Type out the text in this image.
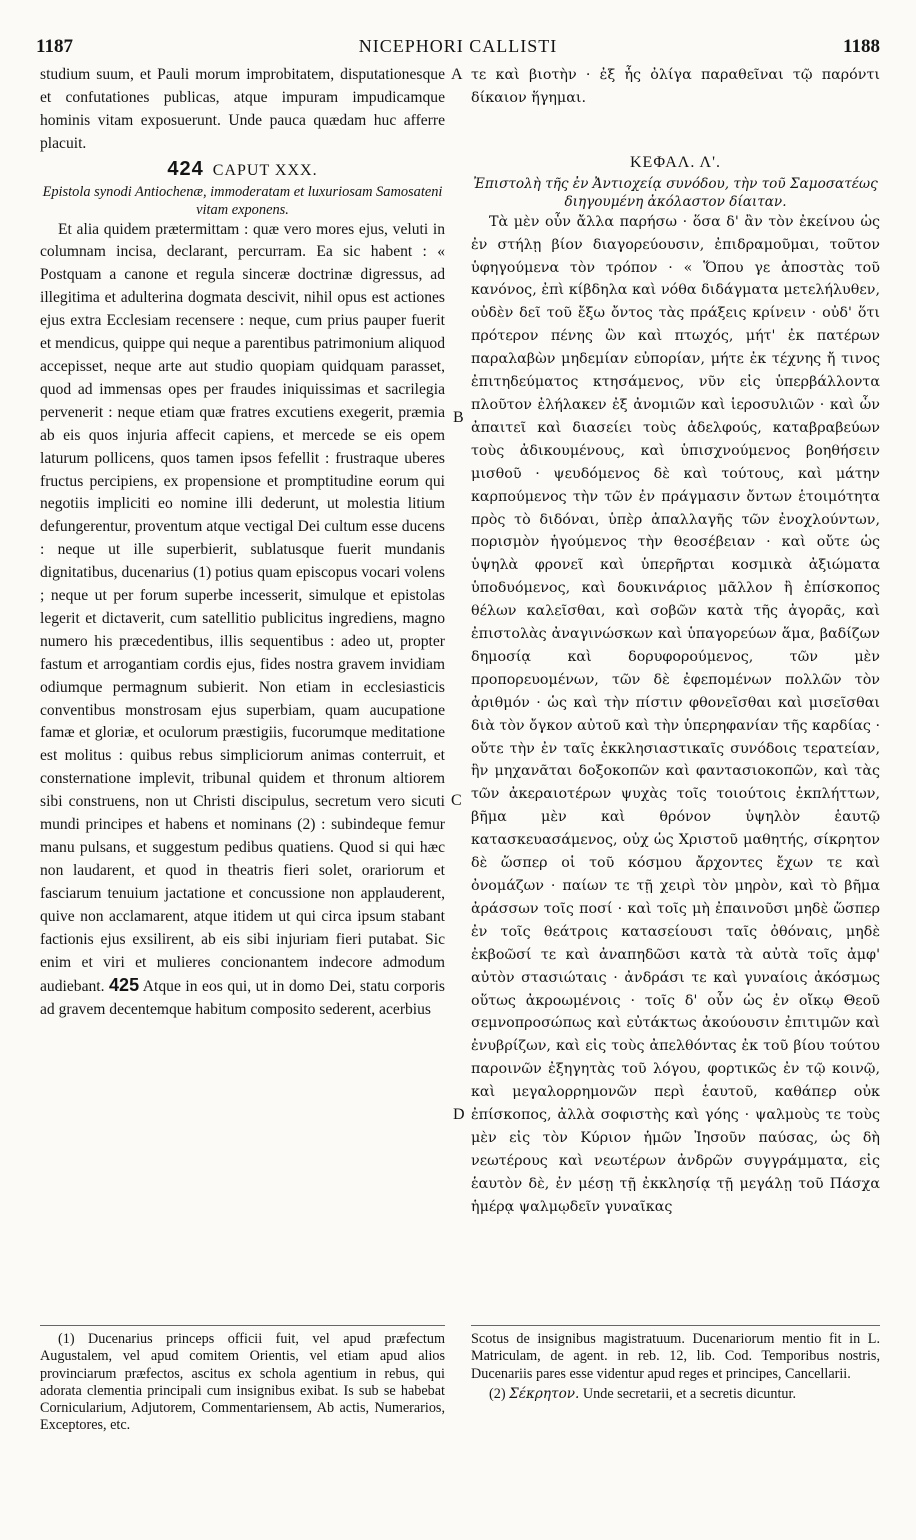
1187	NICEPHORI CALLISTI	1188
A
B
C
D

studium suum, et Pauli morum improbitatem, disputationesque et confutationes publicas, atque impuram impudicamque hominis vitam exposuerunt. Unde pauca quædam huc afferre placuit.

424 CAPUT XXX.

Epistola synodi Antiochenæ, immoderatam et luxuriosam Samosateni vitam exponens.

Et alia quidem prætermittam : quæ vero mores ejus, veluti in columnam incisa, declarant, percurram. Ea sic habent : « Postquam a canone et regula sinceræ doctrinæ digressus, ad illegitima et adulterina dogmata descivit, nihil opus est actiones ejus extra Ecclesiam recensere : neque, cum prius pauper fuerit et mendicus, quippe qui neque a parentibus patrimonium aliquod accepisset, neque arte aut studio quopiam quidquam parasset, quod ad immensas opes per fraudes iniquissimas et sacrilegia pervenerit : neque etiam quæ fratres excutiens exegerit, præmia ab eis quos injuria affecit capiens, et mercede se eis opem laturum pollicens, quos tamen ipsos fefellit : frustraque uberes fructus percipiens, ex propensione et promptitudine eorum qui negotiis impliciti eo nomine illi dederunt, ut molestia litium defungerentur, proventum atque vectigal Dei cultum esse ducens : neque ut ille superbierit, sublatusque fuerit mundanis dignitatibus, ducenarius (1) potius quam episcopus vocari volens ; neque ut per forum superbe incesserit, simulque et epistolas legerit et dictaverit, cum satellitio publicitus ingrediens, magno numero his præcedentibus, illis sequentibus : adeo ut, propter fastum et arrogantiam cordis ejus, fides nostra gravem invidiam odiumque permagnum subierit. Non etiam in ecclesiasticis conventibus monstrosam ejus superbiam, quam aucupatione famæ et gloriæ, et oculorum præstigiis, fucorumque meditatione est molitus : quibus rebus simpliciorum animas conterruit, et consternatione implevit, tribunal quidem et thronum altiorem sibi construens, non ut Christi discipulus, secretum vero sicuti mundi principes et habens et nominans (2) : subindeque femur manu pulsans, et suggestum pedibus quatiens. Quod si qui hæc non laudarent, et quod in theatris fieri solet, orariorum et fasciarum tenuium jactatione et concussione non applauderent, quive non acclamarent, atque itidem ut qui circa ipsum stabant factionis ejus exsilirent, ab eis sibi injuriam fieri putabat. Sic enim et viri et mulieres concionantem indecore admodum audiebant. 425 Atque in eos qui, ut in domo Dei, statu corporis ad gravem decentemque habitum composito sederent, acerbius

τε καὶ βιοτὴν · ἐξ ἧς ὀλίγα παραθεῖναι τῷ παρόντι δίκαιον ἥγημαι.

ΚΕΦΑΛ. Λ'.

Ἐπιστολὴ τῆς ἐν Ἀντιοχείᾳ συνόδου, τὴν τοῦ Σαμοσατέως διηγουμένη ἀκόλαστον δίαιταν.

Τὰ μὲν οὖν ἄλλα παρήσω · ὅσα δ' ἂν τὸν ἐκείνου ὡς ἐν στήλῃ βίον διαγορεύουσιν, ἐπιδραμοῦμαι, τοῦτον ὑφηγούμενα τὸν τρόπον · « Ὅπου γε ἀποστὰς τοῦ κανόνος, ἐπὶ κίβδηλα καὶ νόθα διδάγματα μετελήλυθεν, οὐδὲν δεῖ τοῦ ἔξω ὄντος τὰς πράξεις κρίνειν · οὐδ' ὅτι πρότερον πένης ὢν καὶ πτωχός, μήτ' ἐκ πατέρων παραλαβὼν μηδεμίαν εὐπορίαν, μήτε ἐκ τέχνης ἤ τινος ἐπιτηδεύματος κτησάμενος, νῦν εἰς ὑπερβάλλοντα πλοῦτον ἐλήλακεν ἐξ ἀνομιῶν καὶ ἱεροσυλιῶν · καὶ ὧν ἀπαιτεῖ καὶ διασείει τοὺς ἀδελφούς, καταβραβεύων τοὺς ἀδικουμένους, καὶ ὑπισχνούμενος βοηθήσειν μισθοῦ · ψευδόμενος δὲ καὶ τούτους, καὶ μάτην καρπούμενος τὴν τῶν ἐν πράγμασιν ὄντων ἑτοιμότητα πρὸς τὸ διδόναι, ὑπὲρ ἀπαλλαγῆς τῶν ἐνοχλούντων, πορισμὸν ἡγούμενος τὴν θεοσέβειαν · καὶ οὔτε ὡς ὑψηλὰ φρονεῖ καὶ ὑπερῆρται κοσμικὰ ἀξιώματα ὑποδυόμενος, καὶ δουκινάριος μᾶλλον ἢ ἐπίσκοπος θέλων καλεῖσθαι, καὶ σοβῶν κατὰ τῆς ἀγορᾶς, καὶ ἐπιστολὰς ἀναγινώσκων καὶ ὑπαγορεύων ἅμα, βαδίζων δημοσίᾳ καὶ δορυφορούμενος, τῶν μὲν προπορευομένων, τῶν δὲ ἐφεπομένων πολλῶν τὸν ἀριθμόν · ὡς καὶ τὴν πίστιν φθονεῖσθαι καὶ μισεῖσθαι διὰ τὸν ὄγκον αὐτοῦ καὶ τὴν ὑπερηφανίαν τῆς καρδίας · οὔτε τὴν ἐν ταῖς ἐκκλησιαστικαῖς συνόδοις τερατείαν, ἣν μηχανᾶται δοξοκοπῶν καὶ φαντασιοκοπῶν, καὶ τὰς τῶν ἀκεραιοτέρων ψυχὰς τοῖς τοιούτοις ἐκπλήττων, βῆμα μὲν καὶ θρόνον ὑψηλὸν ἑαυτῷ κατασκευασάμενος, οὐχ ὡς Χριστοῦ μαθητής, σίκρητον δὲ ὥσπερ οἱ τοῦ κόσμου ἄρχοντες ἔχων τε καὶ ὀνομάζων · παίων τε τῇ χειρὶ τὸν μηρὸν, καὶ τὸ βῆμα ἀράσσων τοῖς ποσί · καὶ τοῖς μὴ ἐπαινοῦσι μηδὲ ὥσπερ ἐν τοῖς θεάτροις κατασείουσι ταῖς ὀθόναις, μηδὲ ἐκβοῶσί τε καὶ ἀναπηδῶσι κατὰ τὰ αὐτὰ τοῖς ἀμφ' αὐτὸν στασιώταις · ἀνδράσι τε καὶ γυναίοις ἀκόσμως οὕτως ἀκροωμένοις · τοῖς δ' οὖν ὡς ἐν οἴκῳ Θεοῦ σεμνοπροσώπως καὶ εὐτάκτως ἀκούουσιν ἐπιτιμῶν καὶ ἐνυβρίζων, καὶ εἰς τοὺς ἀπελθόντας ἐκ τοῦ βίου τούτου παροινῶν ἐξηγητὰς τοῦ λόγου, φορτικῶς ἐν τῷ κοινῷ, καὶ μεγαλορρημονῶν περὶ ἑαυτοῦ, καθάπερ οὐκ ἐπίσκοπος, ἀλλὰ σοφιστὴς καὶ γόης · ψαλμοὺς τε τοὺς μὲν εἰς τὸν Κύριον ἡμῶν Ἰησοῦν παύσας, ὡς δὴ νεωτέρους καὶ νεωτέρων ἀνδρῶν συγγράμματα, εἰς ἑαυτὸν δὲ, ἐν μέσῃ τῇ ἐκκλησίᾳ τῇ μεγάλῃ τοῦ Πάσχα ἡμέρᾳ ψαλμῳδεῖν γυναῖκας

(1) Ducenarius princeps officii fuit, vel apud præfectum Augustalem, vel apud comitem Orientis, vel etiam apud alios provinciarum præfectos, ascitus ex schola agentium in rebus, qui adorata clementia principali cum insignibus exibat. Is sub se habebat Cornicularium, Adjutorem, Commentariensem, Ab actis, Numerarios, Exceptores, etc.

Scotus de insignibus magistratuum. Ducenariorum mentio fit in L. Matriculam, de agent. in reb. 12, lib. Cod. Temporibus nostris, Ducenariis pares esse videntur apud reges et principes, Cancellarii.

(2) Σέκρητον. Unde secretarii, et a secretis dicuntur.
